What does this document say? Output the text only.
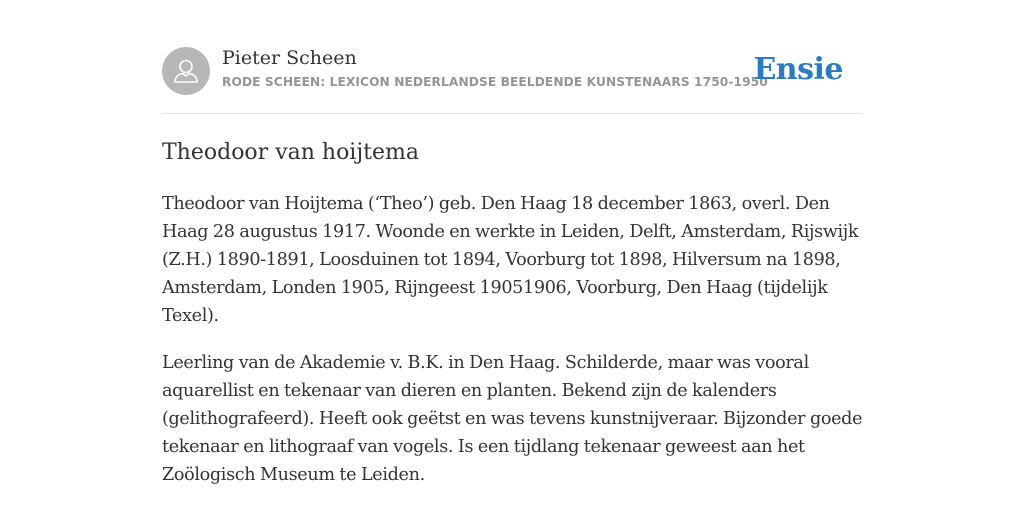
Pieter Scheen
RODE SCHEEN: LEXICON NEDERLANDSE BEELDENDE KUNSTENAARS 1750-1950
Ensie
Theodoor van hoijtema

Theodoor van Hoijtema (‘Theo’) geb. Den Haag 18 december 1863, overl. Den Haag 28 augustus 1917. Woonde en werkte in Leiden, Delft, Amsterdam, Rijswijk (Z.H.) 1890-1891, Loosduinen tot 1894, Voorburg tot 1898, Hilversum na 1898, Amsterdam, Londen 1905, Rijngeest 19051906, Voorburg, Den Haag (tijdelijk Texel).

Leerling van de Akademie v. B.K. in Den Haag. Schilderde, maar was vooral aquarellist en tekenaar van dieren en planten. Bekend zijn de kalenders (gelithografeerd). Heeft ook geëtst en was tevens kunstnijveraar. Bijzonder goede tekenaar en lithograaf van vogels. Is een tijdlang tekenaar geweest aan het Zoölogisch Museum te Leiden.
